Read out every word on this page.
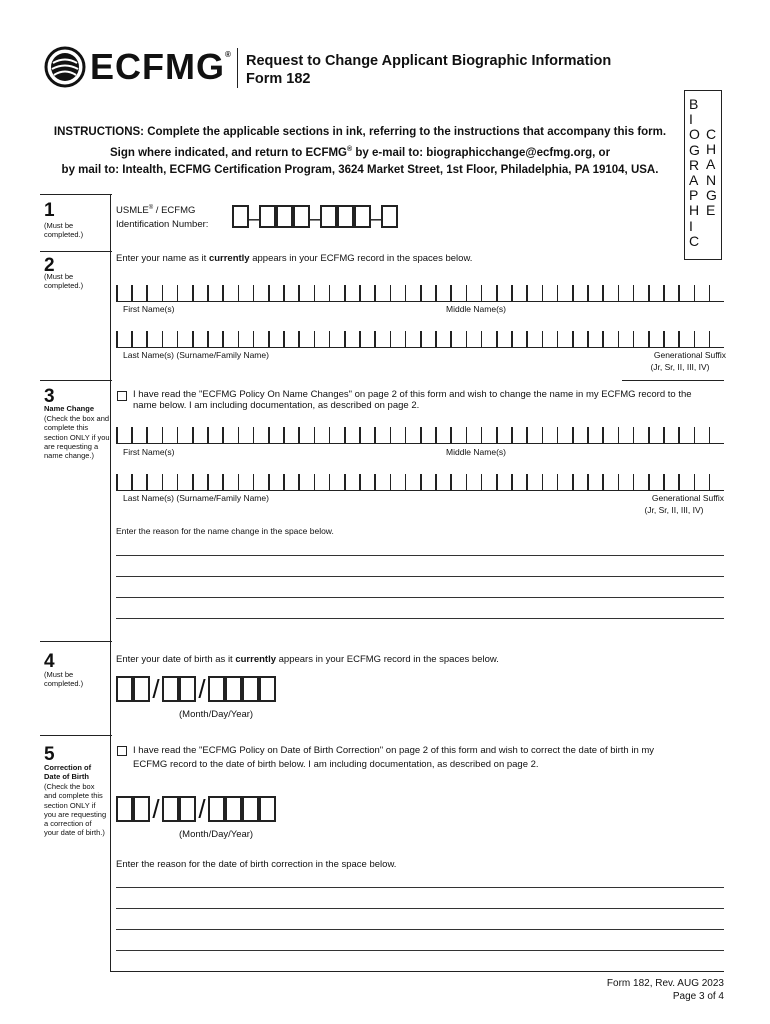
ECFMG® Request to Change Applicant Biographic Information
Form 182
B
I
O
G
R
A
P
H
I
C
C
H
A
N
G
E
INSTRUCTIONS: Complete the applicable sections in ink, referring to the instructions that accompany this form.
Sign where indicated, and return to ECFMG® by e-mail to: biographicchange@ecfmg.org, or
by mail to: Intealth, ECFMG Certification Program, 3624 Market Street, 1st Floor, Philadelphia, PA 19104, USA.
1
(Must be completed.)
USMLE® / ECFMG
Identification Number: – – –
2
(Must be completed.)
Enter your name as it currently appears in your ECFMG record in the spaces below.
First Name(s)	Middle Name(s)
Last Name(s) (Surname/Family Name)	Generational Suffix
(Jr, Sr, II, III, IV)
3
Name Change
(Check the box and complete this section ONLY if you are requesting a name change.)
I have read the "ECFMG Policy On Name Changes" on page 2 of this form and wish to change the name in my ECFMG record to the
name below. I am including documentation, as described on page 2.
First Name(s)	Middle Name(s)
Last Name(s) (Surname/Family Name)	Generational Suffix
(Jr, Sr, II, III, IV)
Enter the reason for the name change in the space below.
4
(Must be completed.)
Enter your date of birth as it currently appears in your ECFMG record in the spaces below.
/ /
(Month/Day/Year)
5
Correction of Date of Birth
(Check the box and complete this section ONLY if you are requesting a correction of your date of birth.)
I have read the "ECFMG Policy on Date of Birth Correction" on page 2 of this form and wish to correct the date of birth in my
ECFMG record to the date of birth below. I am including documentation, as described on page 2.
/ /
(Month/Day/Year)
Enter the reason for the date of birth correction in the space below.
Form 182, Rev. AUG 2023
Page 3 of 4
